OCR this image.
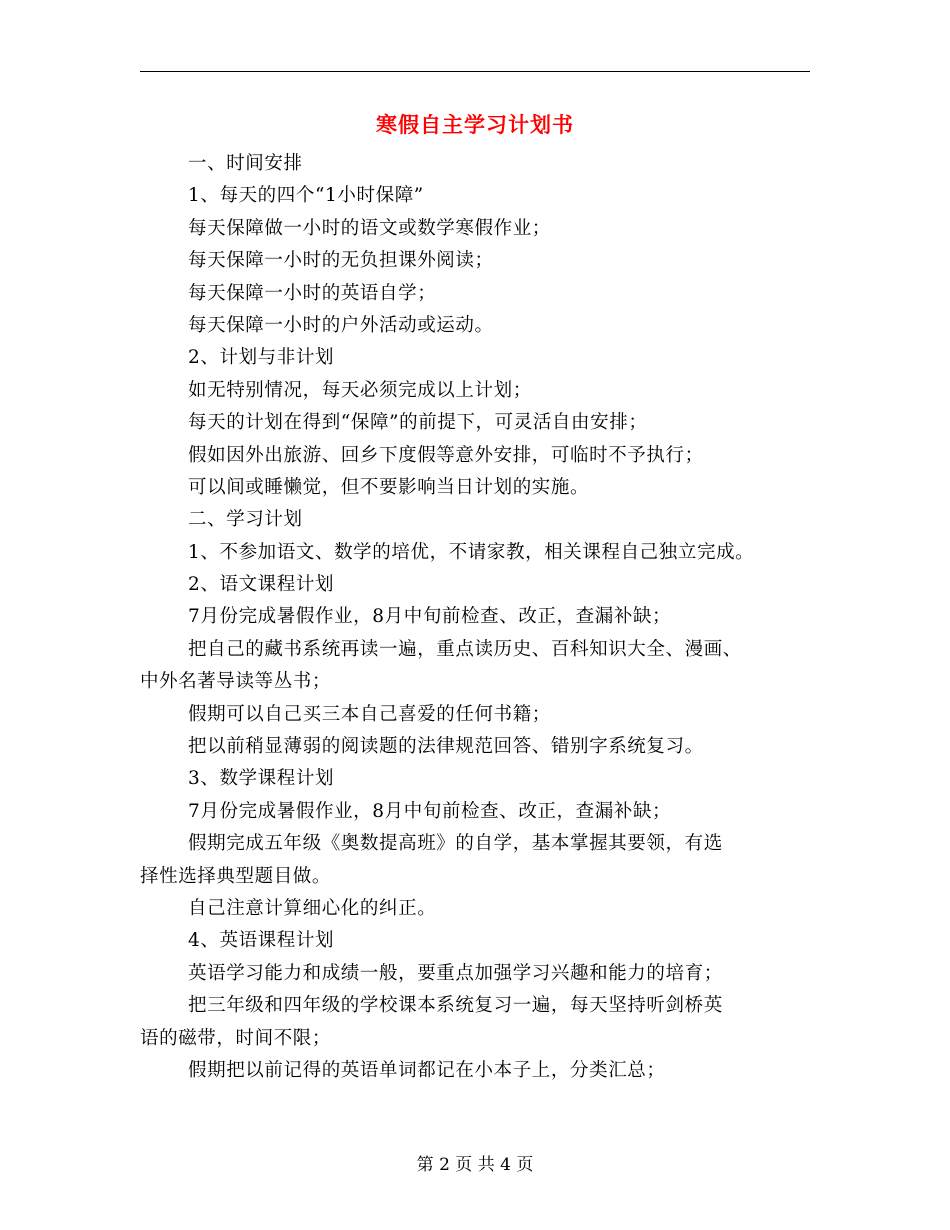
寒假自主学习计划书
一、时间安排
1、每天的四个“1小时保障”
每天保障做一小时的语文或数学寒假作业；
每天保障一小时的无负担课外阅读；
每天保障一小时的英语自学；
每天保障一小时的户外活动或运动。
2、计划与非计划
如无特别情况，每天必须完成以上计划；
每天的计划在得到“保障”的前提下，可灵活自由安排；
假如因外出旅游、回乡下度假等意外安排，可临时不予执行；
可以间或睡懒觉，但不要影响当日计划的实施。
二、学习计划
1、不参加语文、数学的培优，不请家教，相关课程自己独立完成。
2、语文课程计划
7月份完成暑假作业，8月中旬前检查、改正，查漏补缺；
把自己的藏书系统再读一遍，重点读历史、百科知识大全、漫画、
中外名著导读等丛书；
假期可以自己买三本自己喜爱的任何书籍；
把以前稍显薄弱的阅读题的法律规范回答、错别字系统复习。
3、数学课程计划
7月份完成暑假作业，8月中旬前检查、改正，查漏补缺；
假期完成五年级《奥数提高班》的自学，基本掌握其要领，有选
择性选择典型题目做。
自己注意计算细心化的纠正。
4、英语课程计划
英语学习能力和成绩一般，要重点加强学习兴趣和能力的培育；
把三年级和四年级的学校课本系统复习一遍，每天坚持听剑桥英
语的磁带，时间不限；
假期把以前记得的英语单词都记在小本子上，分类汇总；
第 2 页 共 4 页
